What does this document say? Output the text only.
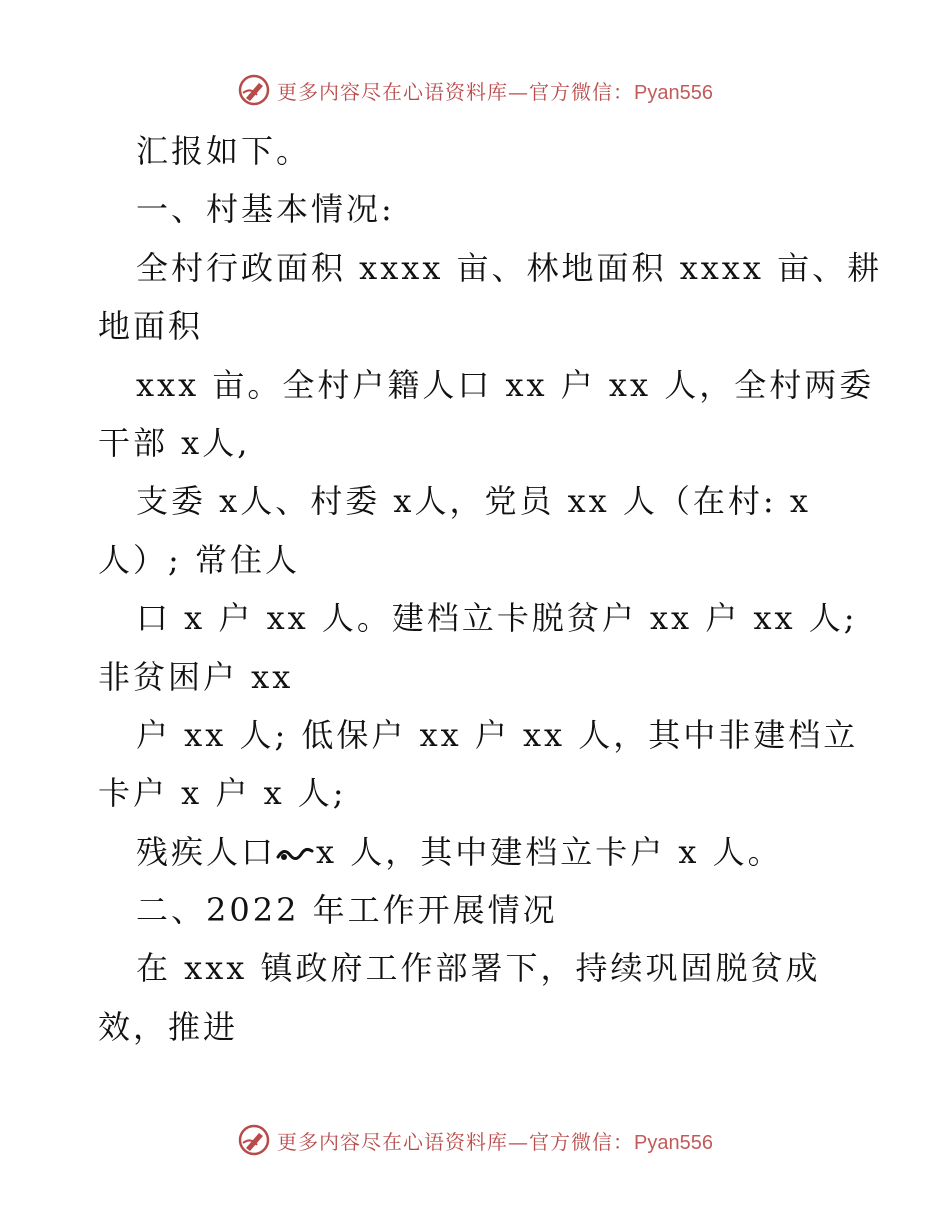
更多内容尽在心语资料库—官方微信：Pyan556
汇报如下。
一、村基本情况:
全村行政面积 xxxx 亩、林地面积 xxxx 亩、耕
地面积
xxx 亩。全村户籍人口 xx 户 xx 人，全村两委
干部 x人,
支委 x人、村委 x人，党员 xx 人（在村: x
人）; 常住人
口 x 户 xx 人。建档立卡脱贫户 xx 户 xx 人;
非贫困户 xx
户 xx 人; 低保户 xx 户 xx 人，其中非建档立
卡户 x 户 x 人;
残疾人口 x 人，其中建档立卡户 x 人。
二、2022 年工作开展情况
在 xxx 镇政府工作部署下，持续巩固脱贫成
效，推进
更多内容尽在心语资料库—官方微信：Pyan556
